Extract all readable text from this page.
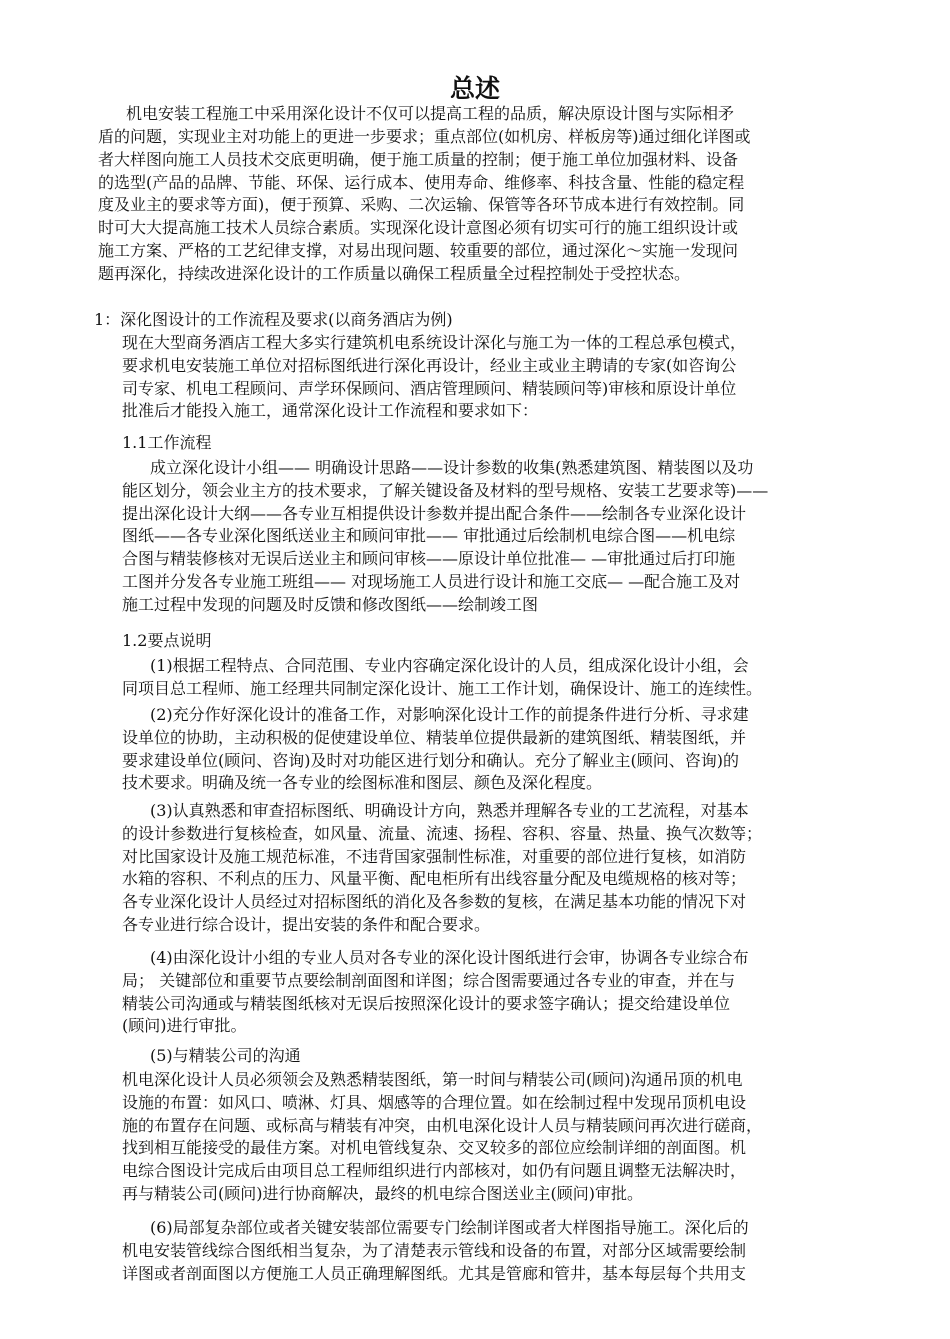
总述
机电安装工程施工中采用深化设计不仅可以提高工程的品质，解决原设计图与实际相矛
盾的问题，实现业主对功能上的更进一步要求；重点部位(如机房、样板房等)通过细化详图或
者大样图向施工人员技术交底更明确，便于施工质量的控制；便于施工单位加强材料、设备
的选型(产品的品牌、节能、环保、运行成本、使用寿命、维修率、科技含量、性能的稳定程
度及业主的要求等方面)，便于预算、采购、二次运输、保管等各环节成本进行有效控制。同
时可大大提高施工技术人员综合素质。实现深化设计意图必须有切实可行的施工组织设计或
施工方案、严格的工艺纪律支撑，对易出现问题、较重要的部位，通过深化～实施一发现问
题再深化，持续改进深化设计的工作质量以确保工程质量全过程控制处于受控状态。
1：深化图设计的工作流程及要求(以商务酒店为例)
现在大型商务酒店工程大多实行建筑机电系统设计深化与施工为一体的工程总承包模式，
要求机电安装施工单位对招标图纸进行深化再设计，经业主或业主聘请的专家(如咨询公
司专家、机电工程顾问、声学环保顾问、酒店管理顾问、精装顾问等)审核和原设计单位
批准后才能投入施工，通常深化设计工作流程和要求如下：
1.1工作流程
成立深化设计小组—— 明确设计思路——设计参数的收集(熟悉建筑图、精装图以及功
能区划分，领会业主方的技术要求，了解关键设备及材料的型号规格、安装工艺要求等)——
提出深化设计大纲——各专业互相提供设计参数并提出配合条件——绘制各专业深化设计
图纸——各专业深化图纸送业主和顾问审批—— 审批通过后绘制机电综合图——机电综
合图与精装修核对无误后送业主和顾问审核——原设计单位批准— —审批通过后打印施
工图并分发各专业施工班组—— 对现场施工人员进行设计和施工交底— —配合施工及对
施工过程中发现的问题及时反馈和修改图纸——绘制竣工图
1.2要点说明
(1)根据工程特点、合同范围、专业内容确定深化设计的人员，组成深化设计小组，会
同项目总工程师、施工经理共同制定深化设计、施工工作计划，确保设计、施工的连续性。
(2)充分作好深化设计的准备工作，对影响深化设计工作的前提条件进行分析、寻求建
设单位的协助，主动积极的促使建设单位、精装单位提供最新的建筑图纸、精装图纸，并
要求建设单位(顾问、咨询)及时对功能区进行划分和确认。充分了解业主(顾问、咨询)的
技术要求。明确及统一各专业的绘图标准和图层、颜色及深化程度。
(3)认真熟悉和审查招标图纸、明确设计方向，熟悉并理解各专业的工艺流程，对基本
的设计参数进行复核检查，如风量、流量、流速、扬程、容积、容量、热量、换气次数等；
对比国家设计及施工规范标准，不违背国家强制性标准，对重要的部位进行复核，如消防
水箱的容积、不利点的压力、风量平衡、配电柜所有出线容量分配及电缆规格的核对等；
各专业深化设计人员经过对招标图纸的消化及各参数的复核，在满足基本功能的情况下对
各专业进行综合设计，提出安装的条件和配合要求。
(4)由深化设计小组的专业人员对各专业的深化设计图纸进行会审，协调各专业综合布
局； 关键部位和重要节点要绘制剖面图和详图；综合图需要通过各专业的审查，并在与
精装公司沟通或与精装图纸核对无误后按照深化设计的要求签字确认；提交给建设单位
(顾问)进行审批。
(5)与精装公司的沟通
机电深化设计人员必须领会及熟悉精装图纸，第一时间与精装公司(顾问)沟通吊顶的机电
设施的布置：如风口、喷淋、灯具、烟感等的合理位置。如在绘制过程中发现吊顶机电设
施的布置存在问题、或标高与精装有冲突，由机电深化设计人员与精装顾问再次进行磋商，
找到相互能接受的最佳方案。对机电管线复杂、交叉较多的部位应绘制详细的剖面图。机
电综合图设计完成后由项目总工程师组织进行内部核对，如仍有问题且调整无法解决时，
再与精装公司(顾问)进行协商解决，最终的机电综合图送业主(顾问)审批。
(6)局部复杂部位或者关键安装部位需要专门绘制详图或者大样图指导施工。深化后的
机电安装管线综合图纸相当复杂，为了清楚表示管线和设备的布置，对部分区域需要绘制
详图或者剖面图以方便施工人员正确理解图纸。尤其是管廊和管井，基本每层每个共用支
